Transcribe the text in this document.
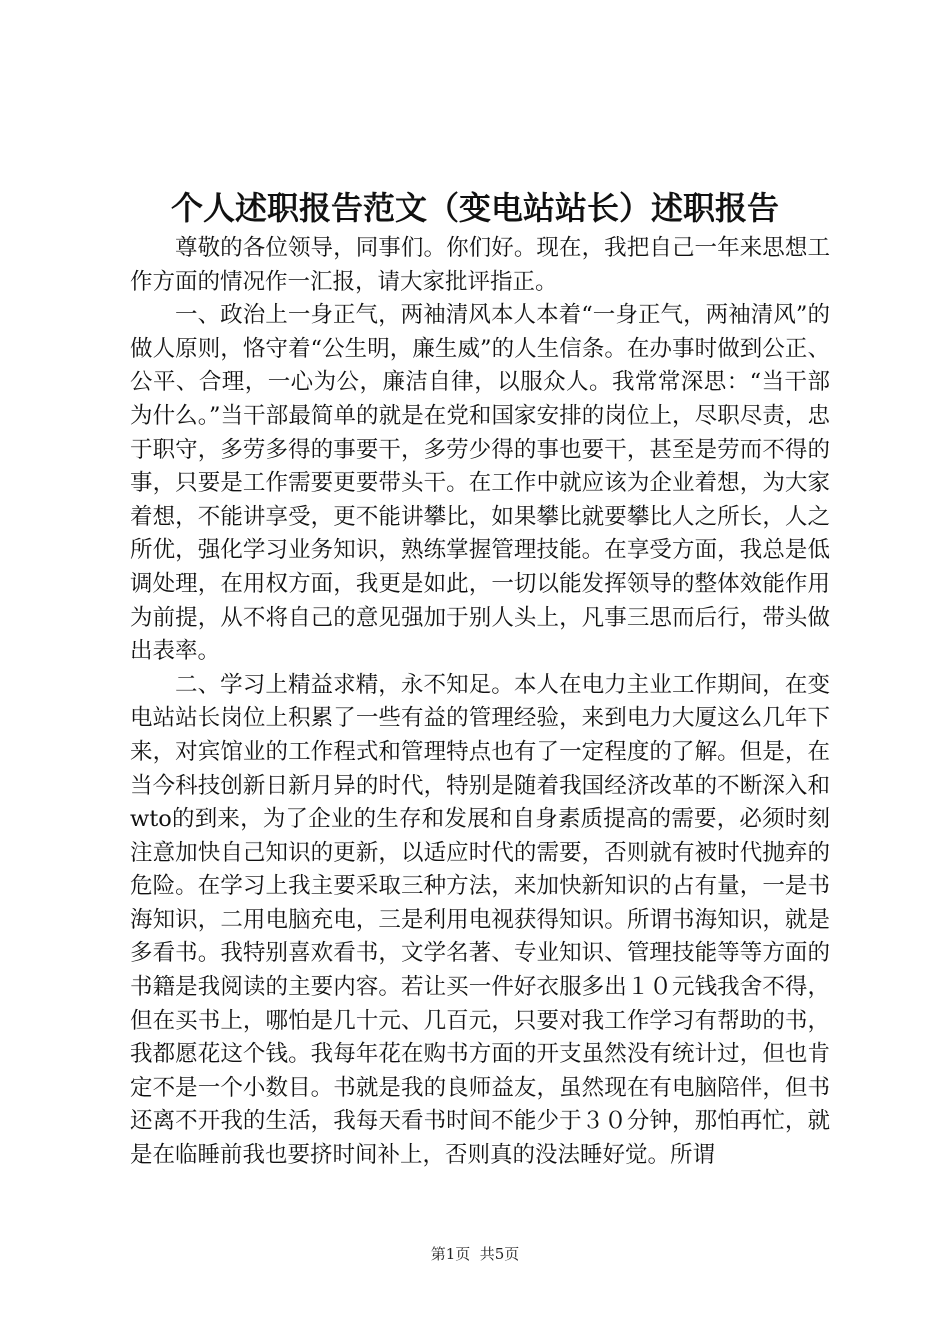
个人述职报告范文（变电站站长）述职报告

尊敬的各位领导，同事们。你们好。现在，我把自己一年来思想工作方面的情况作一汇报，请大家批评指正。

一、政治上一身正气，两袖清风本人本着“一身正气，两袖清风”的做人原则，恪守着“公生明，廉生威”的人生信条。在办事时做到公正、公平、合理，一心为公，廉洁自律，以服众人。我常常深思：“当干部为什么。”当干部最简单的就是在党和国家安排的岗位上，尽职尽责，忠于职守，多劳多得的事要干，多劳少得的事也要干，甚至是劳而不得的事，只要是工作需要更要带头干。在工作中就应该为企业着想，为大家着想，不能讲享受，更不能讲攀比，如果攀比就要攀比人之所长，人之所优，强化学习业务知识，熟练掌握管理技能。在享受方面，我总是低调处理，在用权方面，我更是如此，一切以能发挥领导的整体效能作用为前提，从不将自己的意见强加于别人头上，凡事三思而后行，带头做出表率。

二、学习上精益求精，永不知足。本人在电力主业工作期间，在变电站站长岗位上积累了一些有益的管理经验，来到电力大厦这么几年下来，对宾馆业的工作程式和管理特点也有了一定程度的了解。但是，在当今科技创新日新月异的时代，特别是随着我国经济改革的不断深入和wto的到来，为了企业的生存和发展和自身素质提高的需要，必须时刻注意加快自己知识的更新，以适应时代的需要，否则就有被时代抛弃的危险。在学习上我主要采取三种方法，来加快新知识的占有量，一是书海知识，二用电脑充电，三是利用电视获得知识。所谓书海知识，就是多看书。我特别喜欢看书，文学名著、专业知识、管理技能等等方面的书籍是我阅读的主要内容。若让买一件好衣服多出１０元钱我舍不得，但在买书上，哪怕是几十元、几百元，只要对我工作学习有帮助的书，我都愿花这个钱。我每年花在购书方面的开支虽然没有统计过，但也肯定不是一个小数目。书就是我的良师益友，虽然现在有电脑陪伴，但书还离不开我的生活，我每天看书时间不能少于３０分钟，那怕再忙，就是在临睡前我也要挤时间补上，否则真的没法睡好觉。所谓

第1页  共5页
